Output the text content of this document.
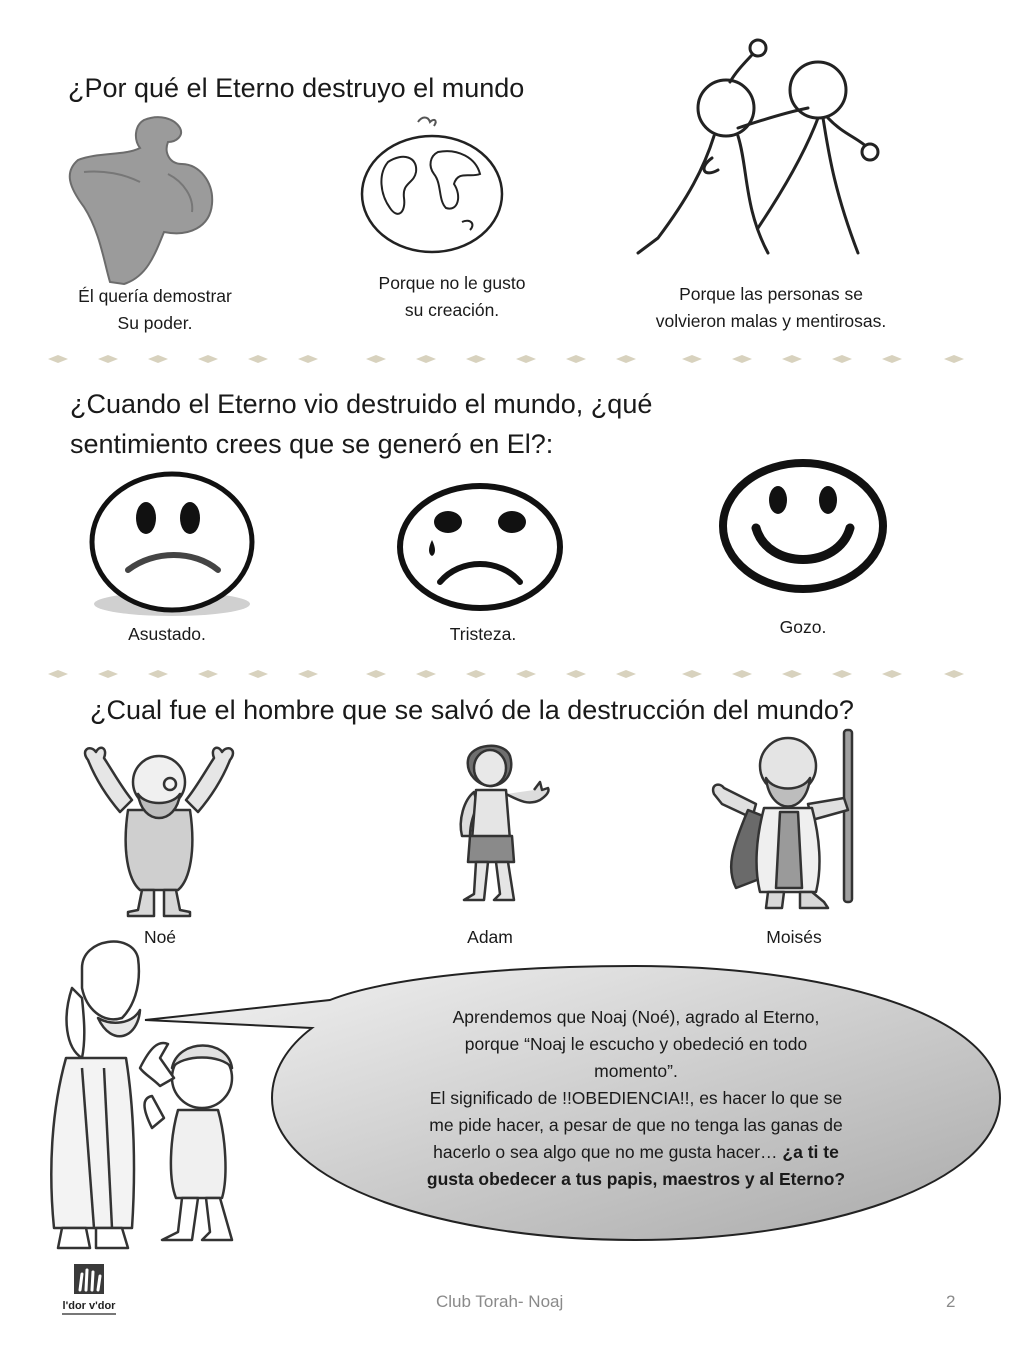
¿Por qué el Eterno destruyo el mundo
Él quería demostrar
Su poder.
Porque no le gusto
su creación.
Porque las personas se
volvieron malas y mentirosas.
¿Cuando el Eterno vio destruido el mundo, ¿qué
sentimiento crees que se generó en El?:
Asustado.	Tristeza.	Gozo.
¿Cual fue el hombre que se salvó de la destrucción del mundo?
Noé	Adam	Moisés
Aprendemos que Noaj (Noé), agrado al Eterno,
porque “Noaj le escucho y obedeció en todo
momento”.
El significado de !!OBEDIENCIA!!, es hacer lo que se
me pide hacer, a pesar de que no tenga las ganas de
hacerlo o sea algo que no me gusta hacer… ¿a ti te
gusta obedecer a tus papis, maestros y al Eterno?
l'dor v'dor	Club Torah- Noaj	2
